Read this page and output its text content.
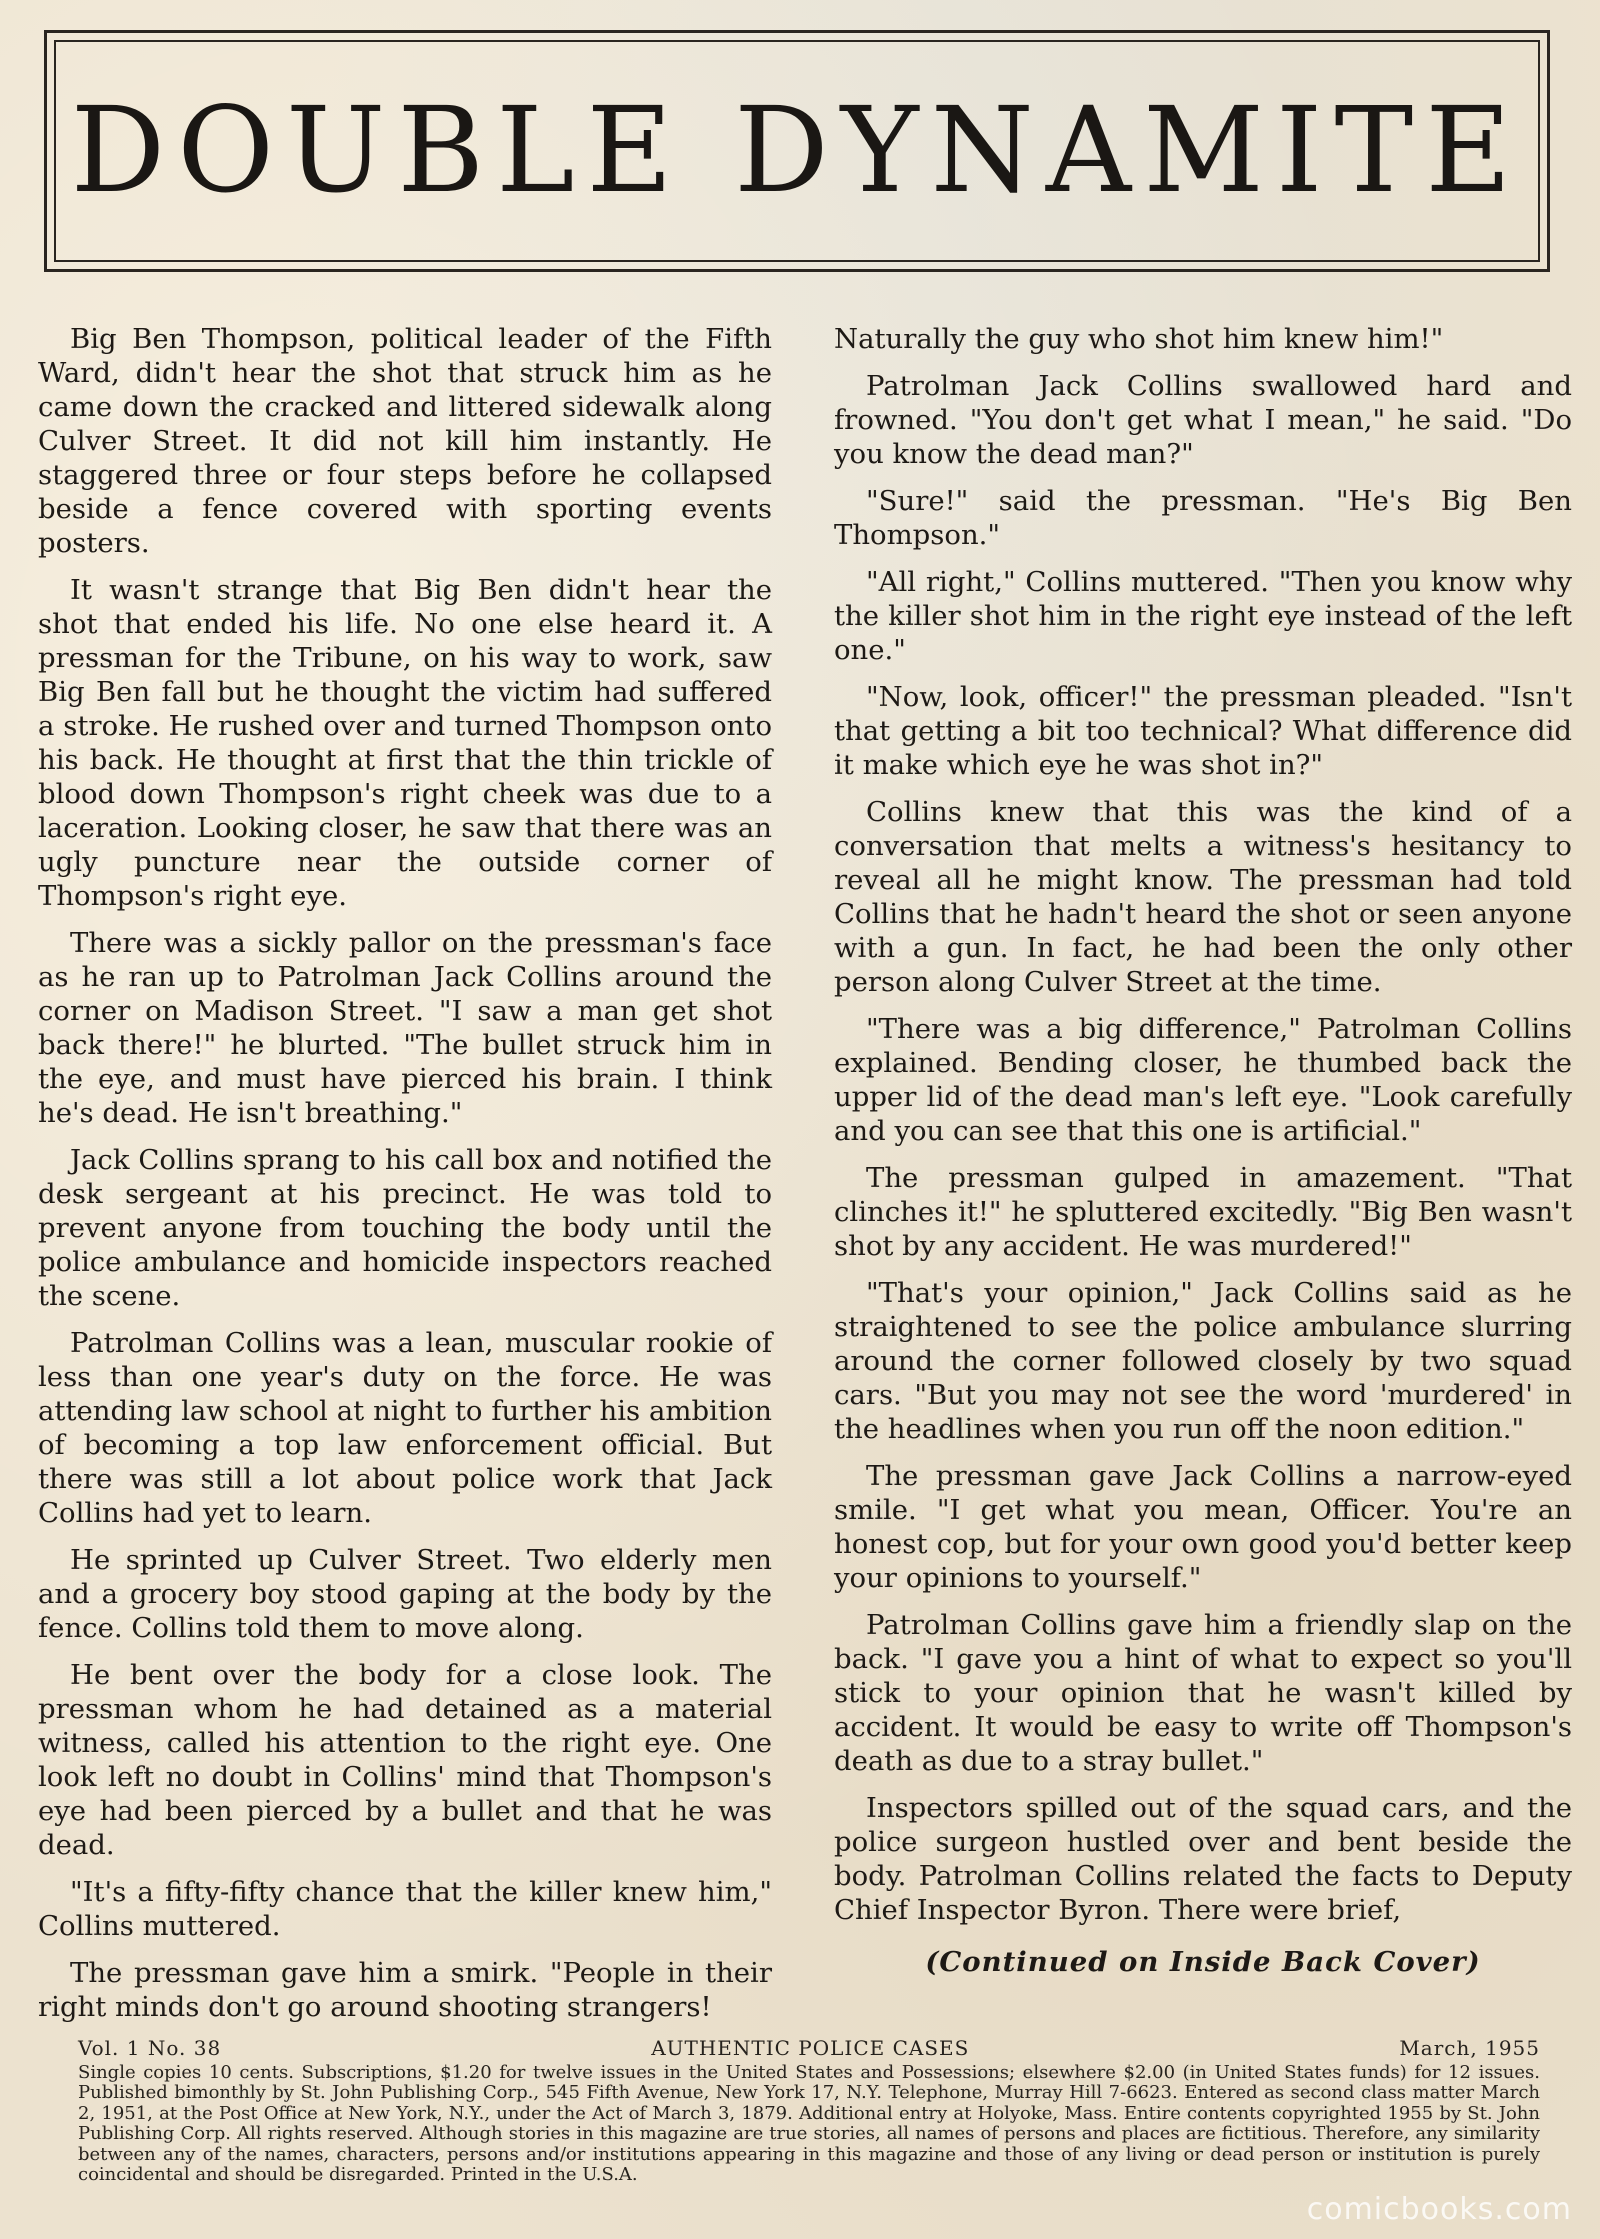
DOUBLE DYNAMITE

Big Ben Thompson, political leader of the Fifth Ward, didn't hear the shot that struck him as he came down the cracked and littered sidewalk along Culver Street. It did not kill him instantly. He staggered three or four steps before he collapsed beside a fence covered with sporting events posters.

It wasn't strange that Big Ben didn't hear the shot that ended his life. No one else heard it. A pressman for the Tribune, on his way to work, saw Big Ben fall but he thought the victim had suffered a stroke. He rushed over and turned Thompson onto his back. He thought at first that the thin trickle of blood down Thompson's right cheek was due to a laceration. Looking closer, he saw that there was an ugly puncture near the outside corner of Thompson's right eye.

There was a sickly pallor on the pressman's face as he ran up to Patrolman Jack Collins around the corner on Madison Street. "I saw a man get shot back there!" he blurted. "The bullet struck him in the eye, and must have pierced his brain. I think he's dead. He isn't breathing."

Jack Collins sprang to his call box and notified the desk sergeant at his precinct. He was told to prevent anyone from touching the body until the police ambulance and homicide inspectors reached the scene.

Patrolman Collins was a lean, muscular rookie of less than one year's duty on the force. He was attending law school at night to further his ambition of becoming a top law enforcement official. But there was still a lot about police work that Jack Collins had yet to learn.

He sprinted up Culver Street. Two elderly men and a grocery boy stood gaping at the body by the fence. Collins told them to move along.

He bent over the body for a close look. The pressman whom he had detained as a material witness, called his attention to the right eye. One look left no doubt in Collins' mind that Thompson's eye had been pierced by a bullet and that he was dead.

"It's a fifty-fifty chance that the killer knew him," Collins muttered.

The pressman gave him a smirk. "People in their right minds don't go around shooting strangers!

Naturally the guy who shot him knew him!"

Patrolman Jack Collins swallowed hard and frowned. "You don't get what I mean," he said. "Do you know the dead man?"

"Sure!" said the pressman. "He's Big Ben Thompson."

"All right," Collins muttered. "Then you know why the killer shot him in the right eye instead of the left one."

"Now, look, officer!" the pressman pleaded. "Isn't that getting a bit too technical? What difference did it make which eye he was shot in?"

Collins knew that this was the kind of a conversation that melts a witness's hesitancy to reveal all he might know. The pressman had told Collins that he hadn't heard the shot or seen anyone with a gun. In fact, he had been the only other person along Culver Street at the time.

"There was a big difference," Patrolman Collins explained. Bending closer, he thumbed back the upper lid of the dead man's left eye. "Look carefully and you can see that this one is artificial."

The pressman gulped in amazement. "That clinches it!" he spluttered excitedly. "Big Ben wasn't shot by any accident. He was murdered!"

"That's your opinion," Jack Collins said as he straightened to see the police ambulance slurring around the corner followed closely by two squad cars. "But you may not see the word 'murdered' in the headlines when you run off the noon edition."

The pressman gave Jack Collins a narrow-eyed smile. "I get what you mean, Officer. You're an honest cop, but for your own good you'd better keep your opinions to yourself."

Patrolman Collins gave him a friendly slap on the back. "I gave you a hint of what to expect so you'll stick to your opinion that he wasn't killed by accident. It would be easy to write off Thompson's death as due to a stray bullet."

Inspectors spilled out of the squad cars, and the police surgeon hustled over and bent beside the body. Patrolman Collins related the facts to Deputy Chief Inspector Byron. There were brief,

(Continued on Inside Back Cover)

Vol. 1 No. 38	AUTHENTIC POLICE CASES	March, 1955

Single copies 10 cents. Subscriptions, $1.20 for twelve issues in the United States and Possessions; elsewhere $2.00 (in United States funds) for 12 issues. Published bimonthly by St. John Publishing Corp., 545 Fifth Avenue, New York 17, N.Y. Telephone, Murray Hill 7-6623. Entered as second class matter March 2, 1951, at the Post Office at New York, N.Y., under the Act of March 3, 1879. Additional entry at Holyoke, Mass. Entire contents copyrighted 1955 by St. John Publishing Corp. All rights reserved. Although stories in this magazine are true stories, all names of persons and places are fictitious. Therefore, any similarity between any of the names, characters, persons and/or institutions appearing in this magazine and those of any living or dead person or institution is purely coincidental and should be disregarded. Printed in the U.S.A.

comicbooks.com
